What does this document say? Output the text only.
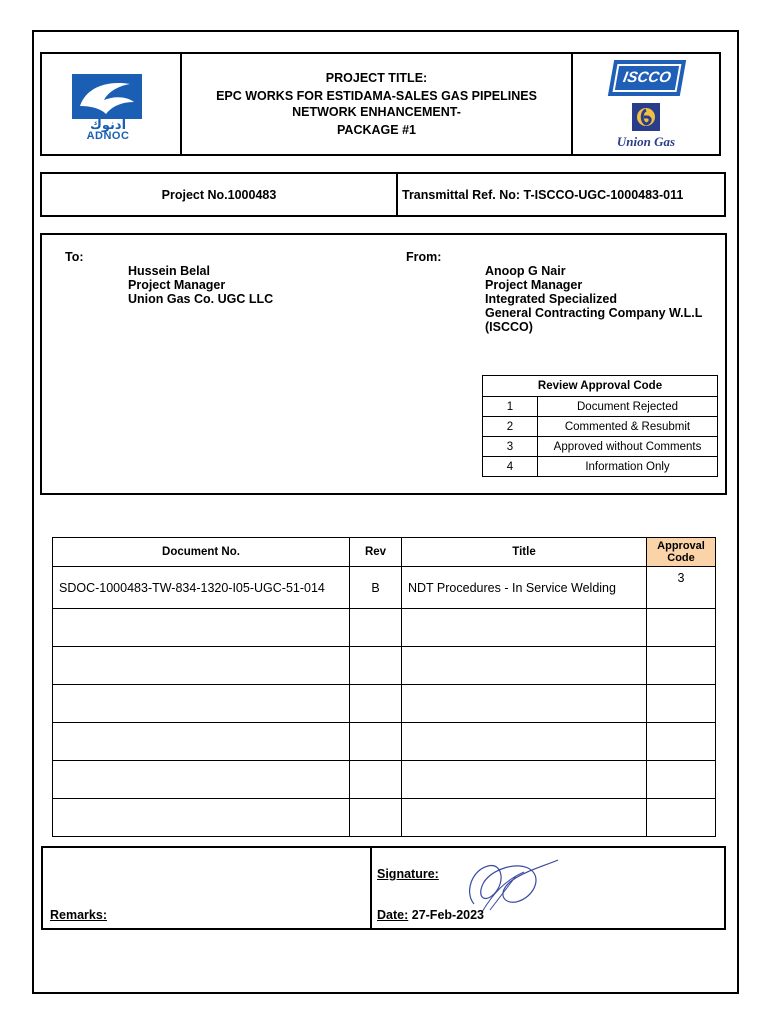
أدنوك
ADNOC
PROJECT TITLE:
EPC WORKS FOR ESTIDAMA-SALES GAS PIPELINES
NETWORK ENHANCEMENT-
PACKAGE #1
ISCCO
Union Gas
Project No.1000483	Transmittal Ref. No: T-ISCCO-UGC-1000483-011
To:
Hussein Belal
Project Manager
Union Gas Co. UGC LLC
From:
Anoop G Nair
Project Manager
Integrated Specialized
General Contracting Company W.L.L
(ISCCO)
Review Approval Code	
1	Document Rejected
2	Commented & Resubmit
3	Approved without Comments
4	Information Only
Document No.	Rev	Title	Approval
Code

SDOC-1000483-TW-834-1320-I05-UGC-51-014	B	NDT Procedures - In Service Welding	3

Remarks:
Signature:
Date: 27-Feb-2023
